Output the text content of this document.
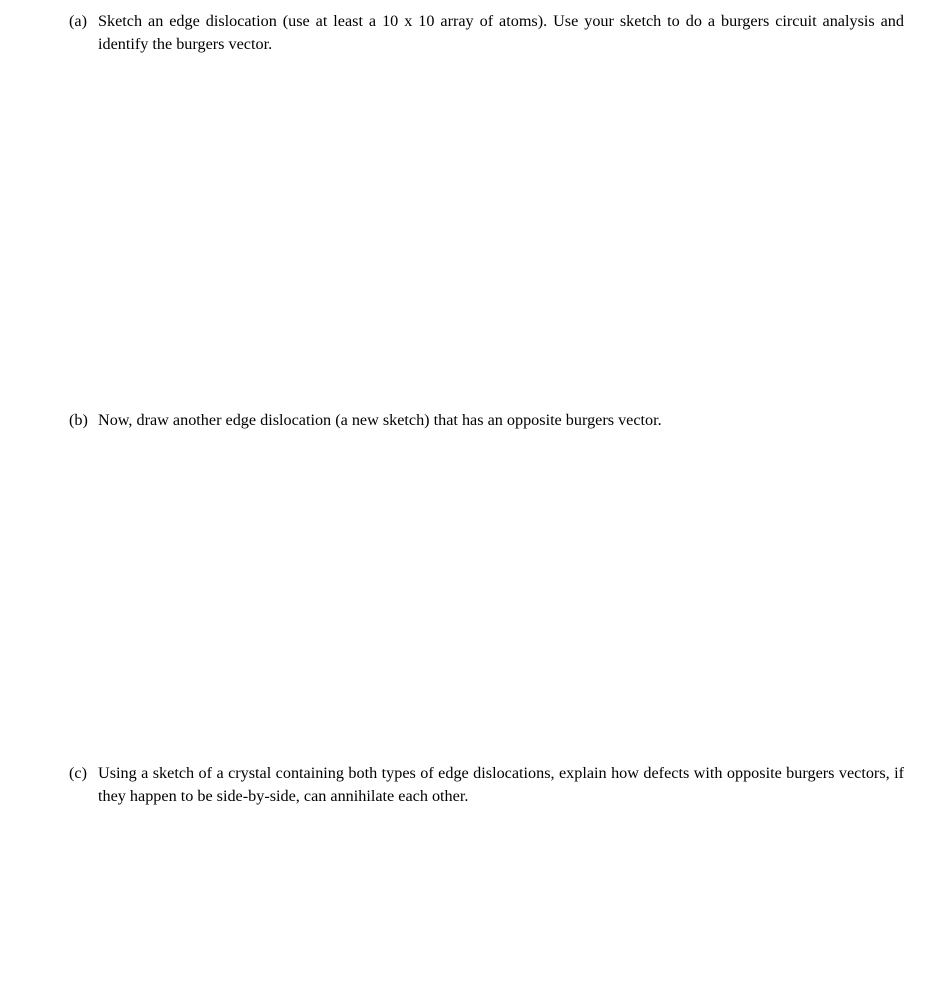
(a) Sketch an edge dislocation (use at least a 10 x 10 array of atoms). Use your sketch to do a burgers circuit analysis and identify the burgers vector.
(b) Now, draw another edge dislocation (a new sketch) that has an opposite burgers vector.
(c) Using a sketch of a crystal containing both types of edge dislocations, explain how defects with opposite burgers vectors, if they happen to be side-by-side, can annihilate each other.
